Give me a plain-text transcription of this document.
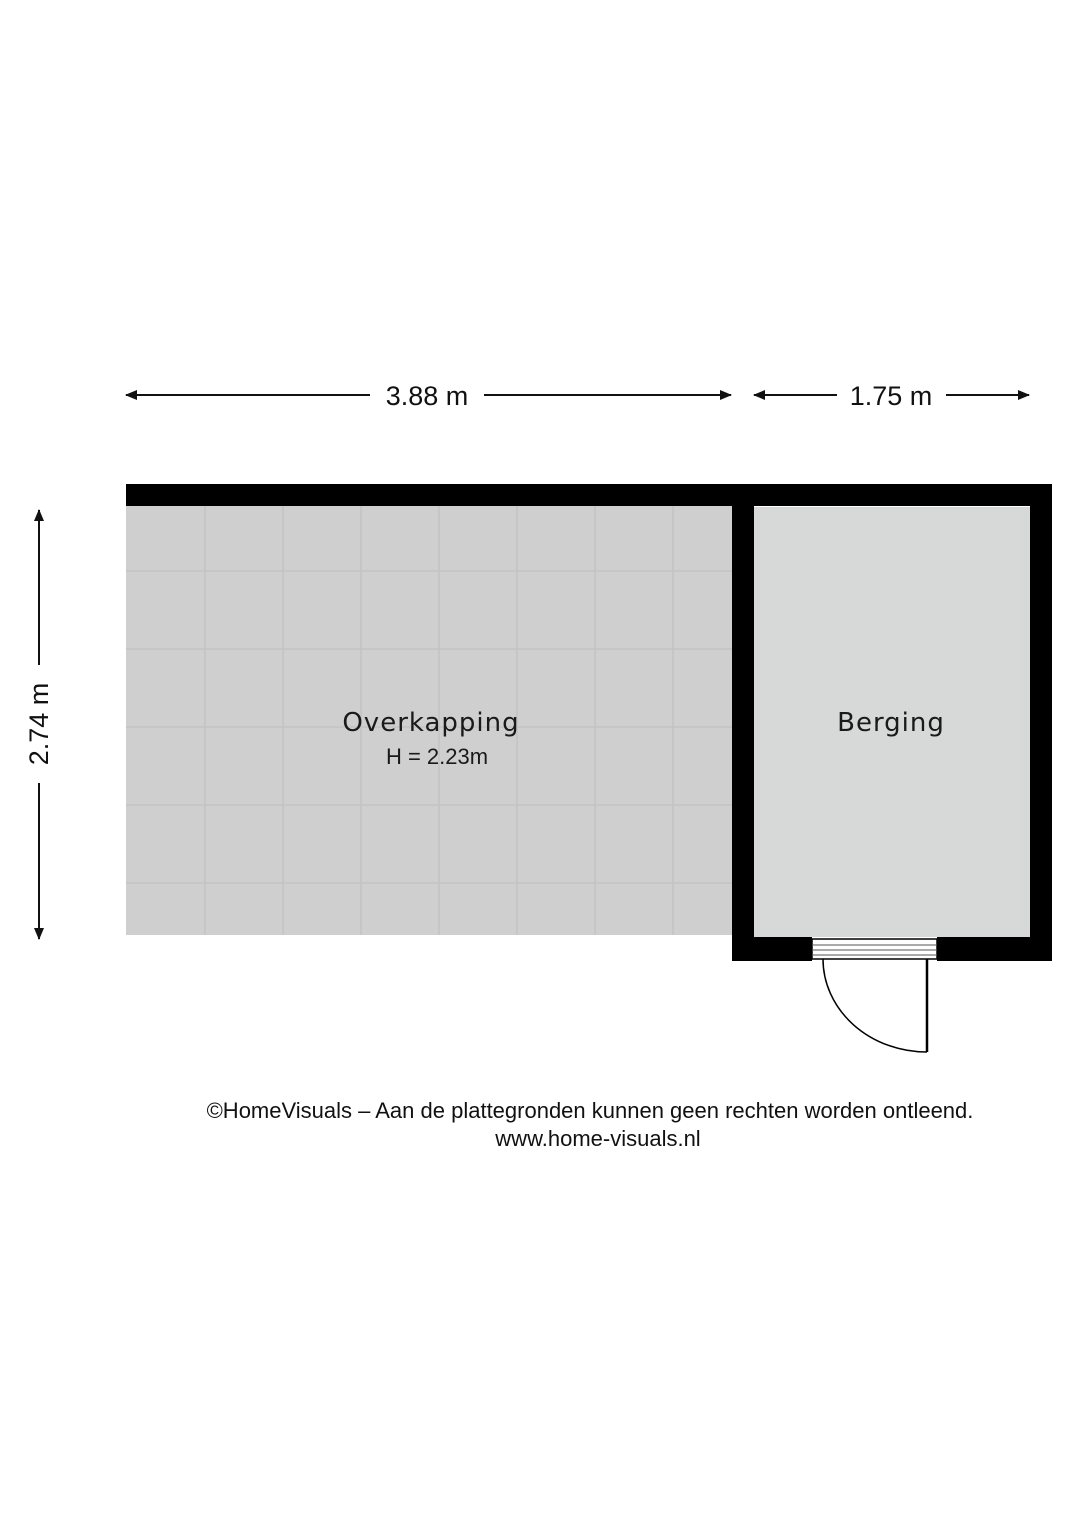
3.88 m	1.75 m
2.74 m	Overkapping
H = 2.23m
Berging
©HomeVisuals – Aan de plattegronden kunnen geen rechten worden ontleend.
www.home-visuals.nl
